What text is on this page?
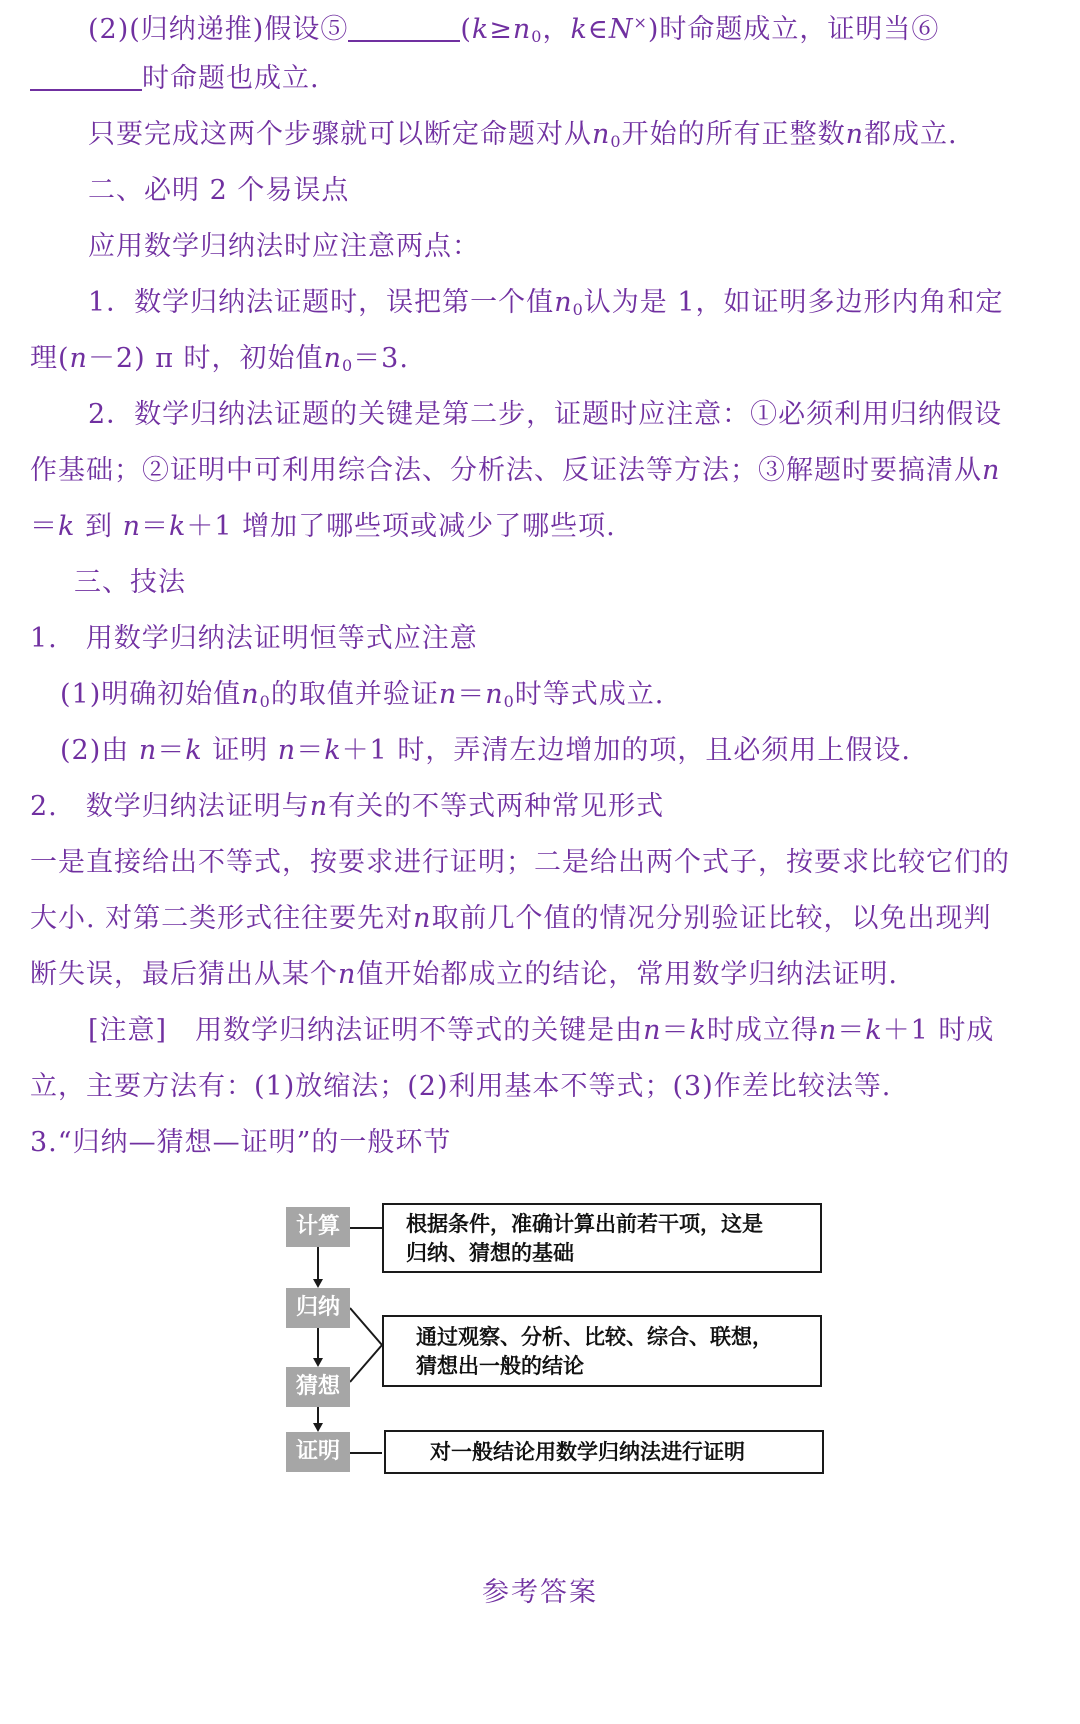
(2)(归纳递推)假设⑤	($k\ge n_0$，k∈N×)时命题成立，证明当⑥
时命题也成立.
只要完成这两个步骤就可以断定命题对从$n_0$开始的所有正整数n都成立.
二、必明 2 个易误点
应用数学归纳法时应注意两点：
1．数学归纳法证题时，误把第一个值$n_0$认为是 1，如证明多边形内角和定
理(n－2) π 时，初始值$n_0=3$.
2．数学归纳法证题的关键是第二步，证题时应注意：①必须利用归纳假设
作基础；②证明中可利用综合法、分析法、反证法等方法；③解题时要搞清从n
＝k 到 n＝k＋1 增加了哪些项或减少了哪些项.
三、技法
1.　用数学归纳法证明恒等式应注意
(1)明确初始值$n_0$的取值并验证$n=n_0$时等式成立.
(2)由 n＝k 证明 n＝k＋1 时，弄清左边增加的项，且必须用上假设.
2.　数学归纳法证明与n有关的不等式两种常见形式
一是直接给出不等式，按要求进行证明；二是给出两个式子，按要求比较它们的
大小. 对第二类形式往往要先对n取前几个值的情况分别验证比较，以免出现判
断失误，最后猜出从某个n值开始都成立的结论，常用数学归纳法证明.
[注意]　用数学归纳法证明不等式的关键是由n＝k时成立得n＝k＋1 时成
立，主要方法有：(1)放缩法；(2)利用基本不等式；(3)作差比较法等.
3.“归纳—猜想—证明”的一般环节
计算
归纳
猜想
证明
根据条件，准确计算出前若干项，这是
归纳、猜想的基础
通过观察、分析、比较、综合、联想，
猜想出一般的结论
对一般结论用数学归纳法进行证明
参考答案
